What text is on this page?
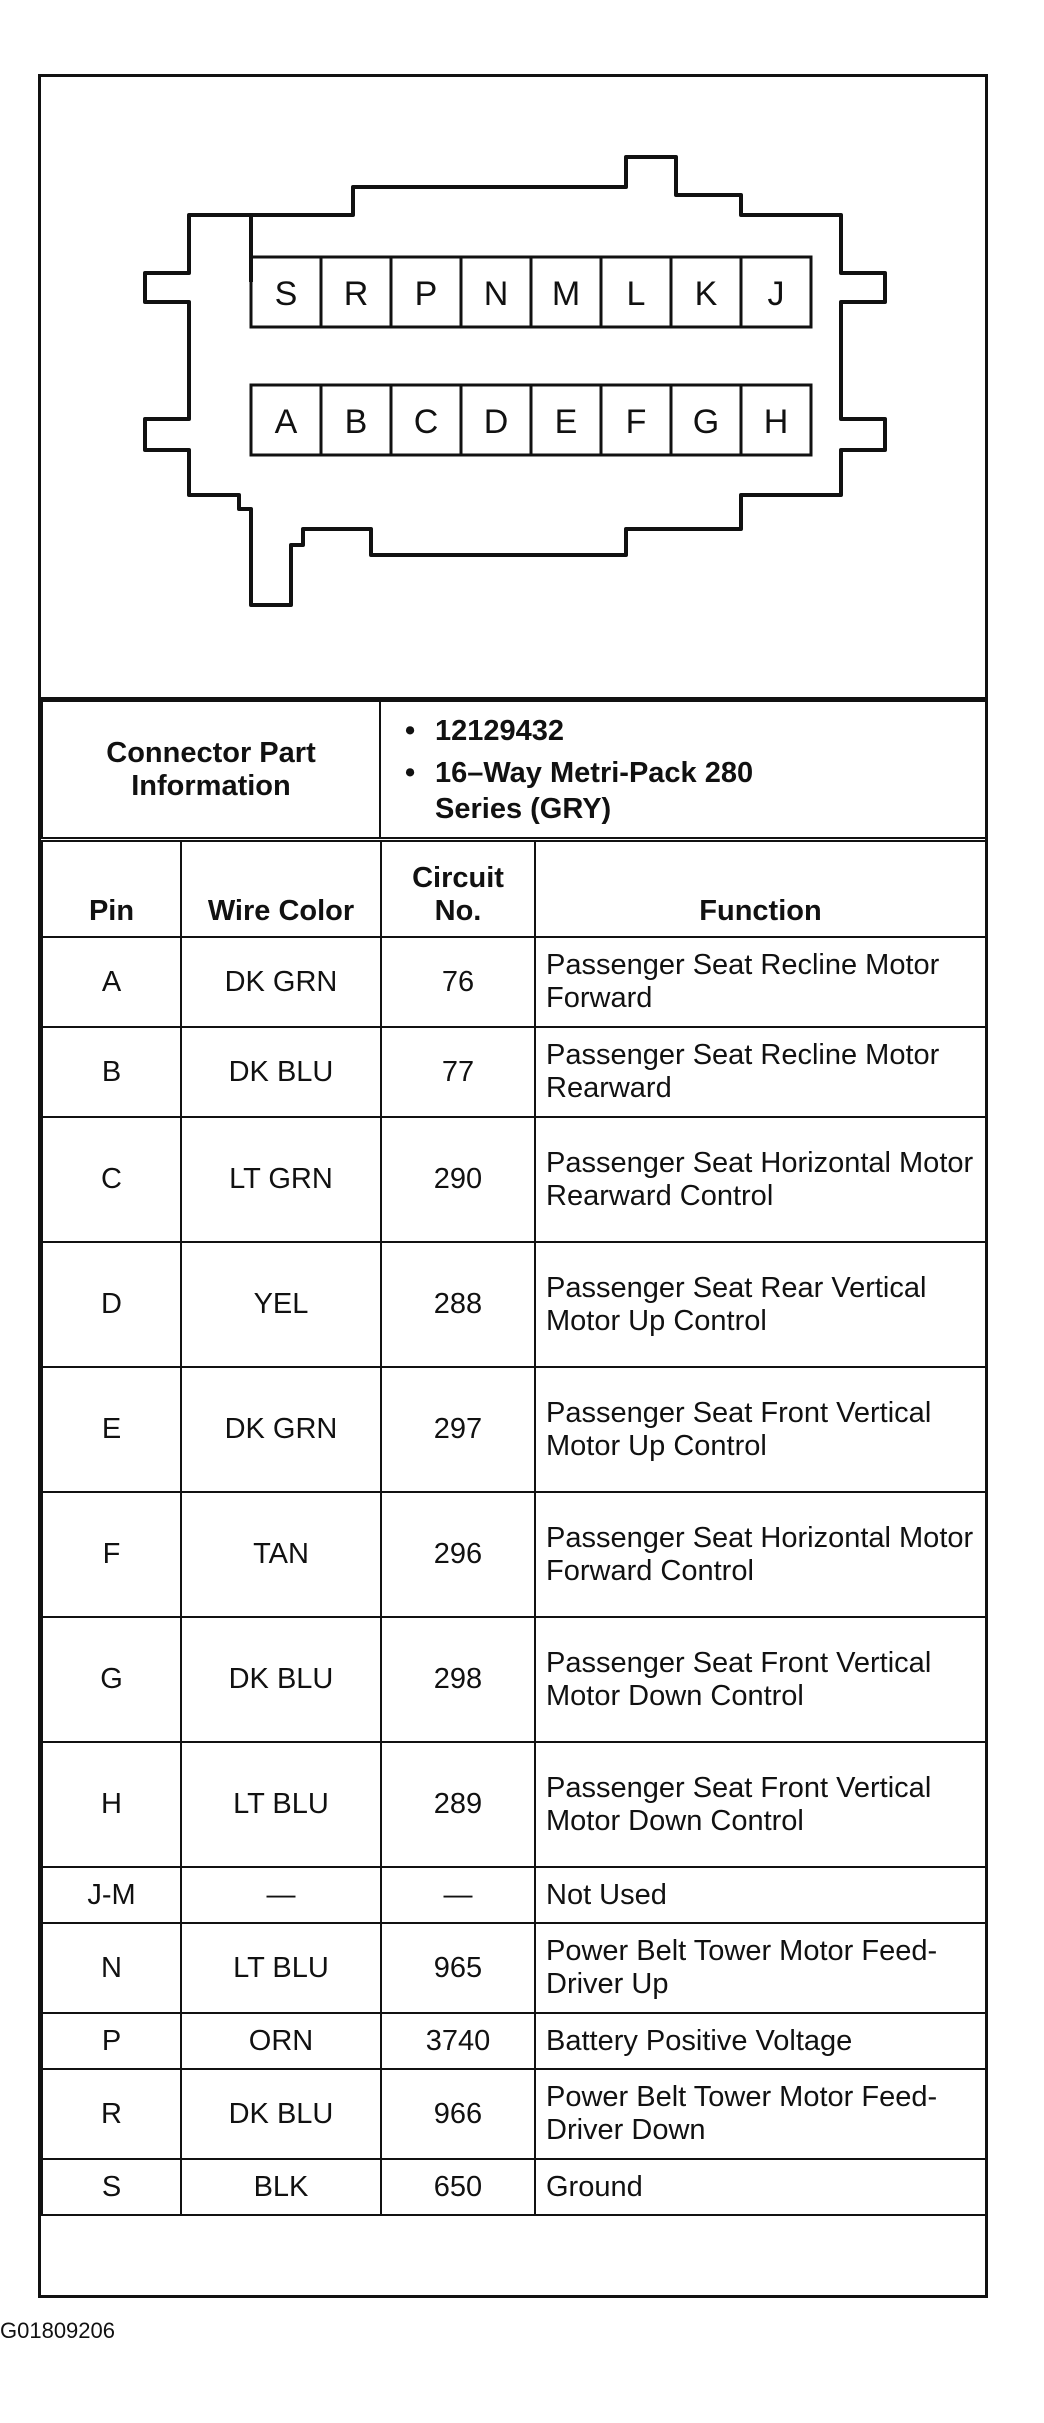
S R P N M L K J
A B C D E F G H
Connector Part Information	
• 12129432
• 16–Way Metri-Pack 280 Series (GRY)
Pin	Wire Color	Circuit No.	Function
A	DK GRN	76	Passenger Seat Recline Motor Forward
B	DK BLU	77	Passenger Seat Recline Motor Rearward
C	LT GRN	290	Passenger Seat Horizontal Motor Rearward Control
D	YEL	288	Passenger Seat Rear Vertical Motor Up Control
E	DK GRN	297	Passenger Seat Front Vertical Motor Up Control
F	TAN	296	Passenger Seat Horizontal Motor Forward Control
G	DK BLU	298	Passenger Seat Front Vertical Motor Down Control
H	LT BLU	289	Passenger Seat Front Vertical Motor Down Control
J-M	—	—	Not Used
N	LT BLU	965	Power Belt Tower Motor Feed-Driver Up
P	ORN	3740	Battery Positive Voltage
R	DK BLU	966	Power Belt Tower Motor Feed-Driver Down
S	BLK	650	Ground
G01809206
